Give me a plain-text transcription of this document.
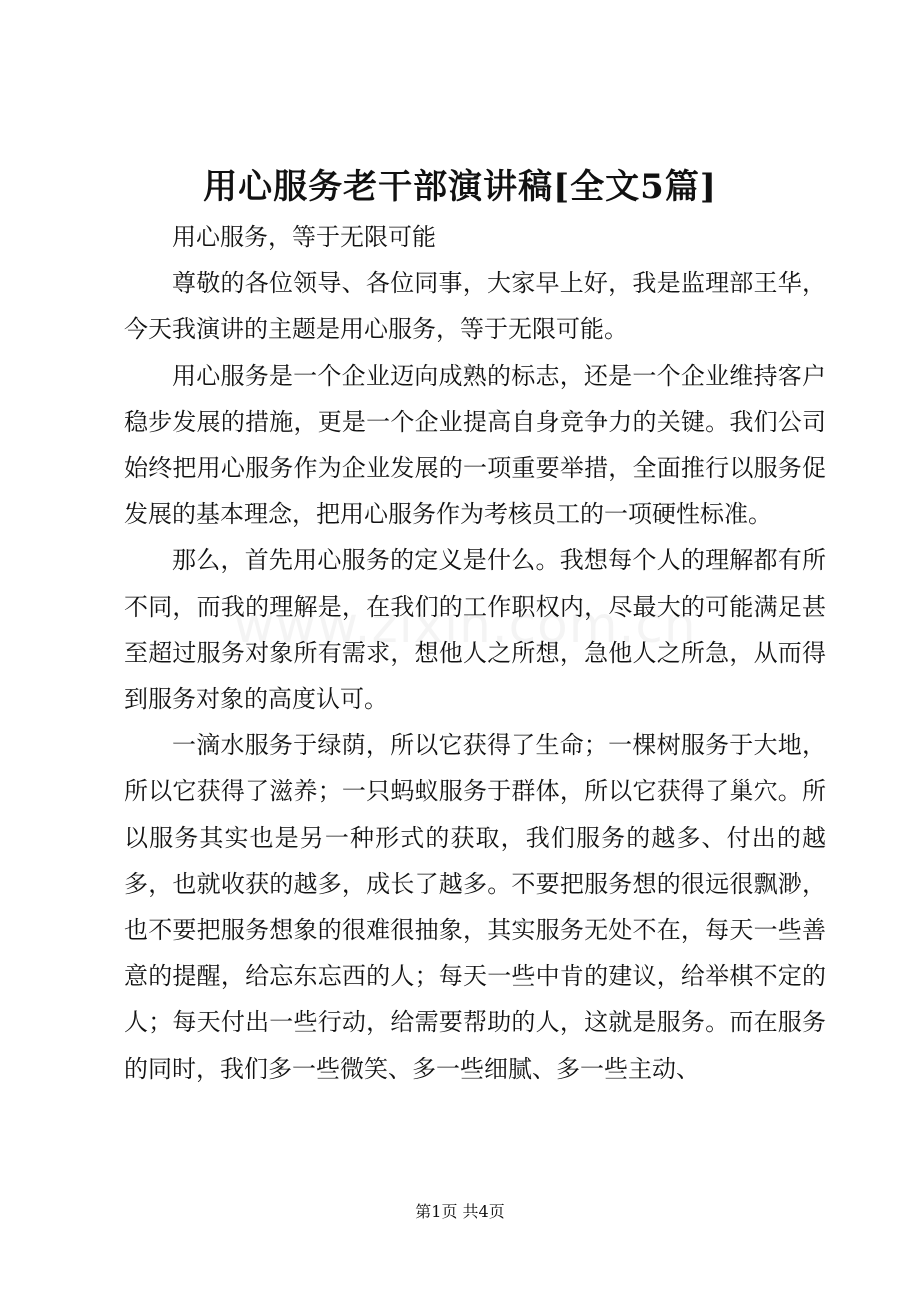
用心服务老干部演讲稿[全文5篇]

用心服务，等于无限可能

尊敬的各位领导、各位同事，大家早上好，我是监理部王华，今天我演讲的主题是用心服务，等于无限可能。

用心服务是一个企业迈向成熟的标志，还是一个企业维持客户稳步发展的措施，更是一个企业提高自身竞争力的关键。我们公司始终把用心服务作为企业发展的一项重要举措，全面推行以服务促发展的基本理念，把用心服务作为考核员工的一项硬性标准。

那么，首先用心服务的定义是什么。我想每个人的理解都有所不同，而我的理解是，在我们的工作职权内，尽最大的可能满足甚至超过服务对象所有需求，想他人之所想，急他人之所急，从而得到服务对象的高度认可。

一滴水服务于绿荫，所以它获得了生命；一棵树服务于大地，所以它获得了滋养；一只蚂蚁服务于群体，所以它获得了巢穴。所以服务其实也是另一种形式的获取，我们服务的越多、付出的越多，也就收获的越多，成长了越多。不要把服务想的很远很飘渺，也不要把服务想象的很难很抽象，其实服务无处不在，每天一些善意的提醒，给忘东忘西的人；每天一些中肯的建议，给举棋不定的人；每天付出一些行动，给需要帮助的人，这就是服务。而在服务的同时，我们多一些微笑、多一些细腻、多一些主动、

第1页 共4页
